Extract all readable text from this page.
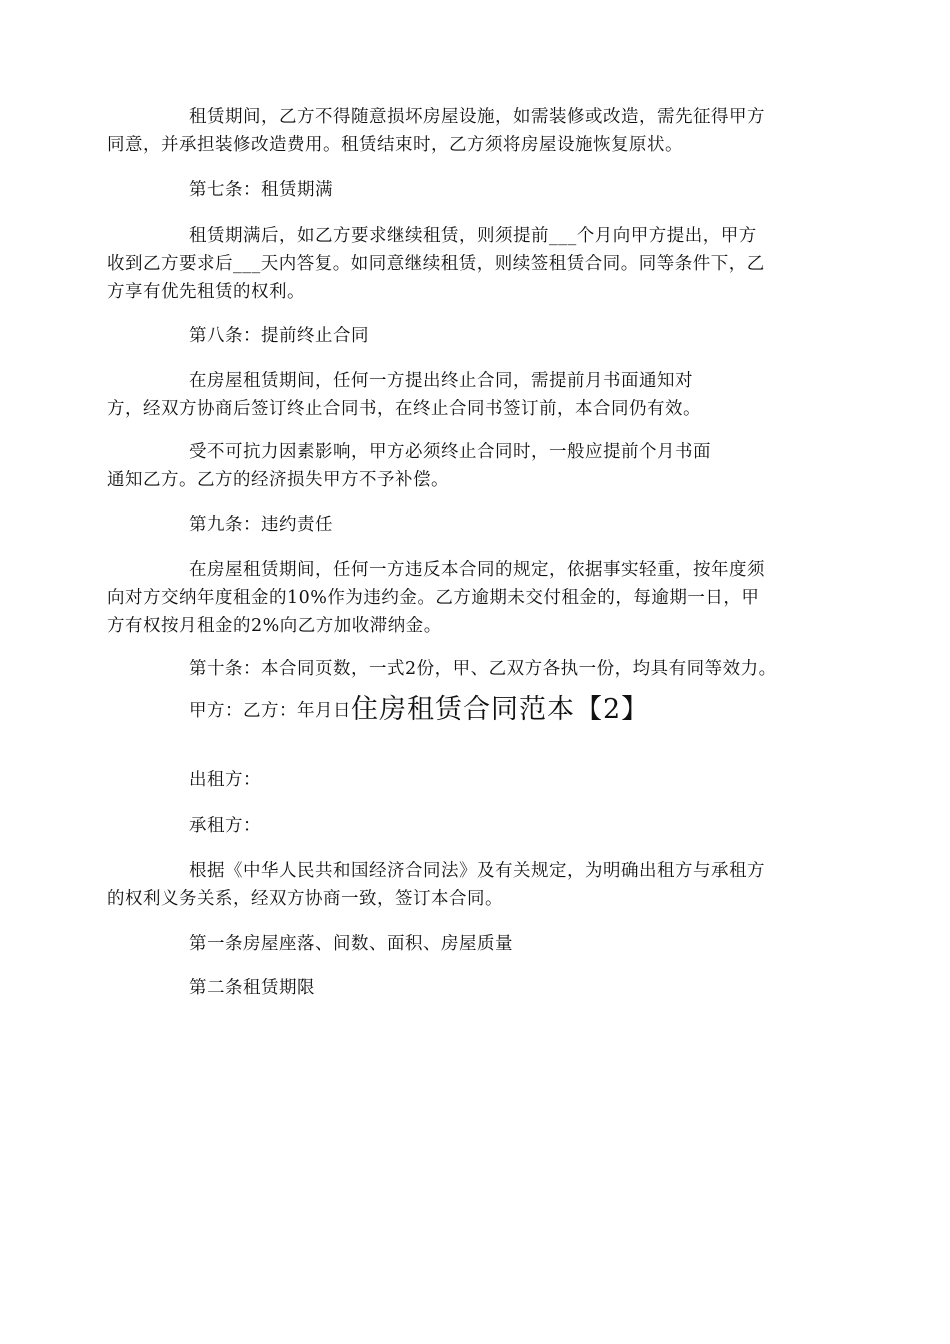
租赁期间，乙方不得随意损坏房屋设施，如需装修或改造，需先征得甲方
同意，并承担装修改造费用。租赁结束时，乙方须将房屋设施恢复原状。
第七条：租赁期满
租赁期满后，如乙方要求继续租赁，则须提前___个月向甲方提出，甲方
收到乙方要求后___天内答复。如同意继续租赁，则续签租赁合同。同等条件下，乙
方享有优先租赁的权利。
第八条：提前终止合同
在房屋租赁期间，任何一方提出终止合同，需提前月书面通知对
方，经双方协商后签订终止合同书，在终止合同书签订前，本合同仍有效。
受不可抗力因素影响，甲方必须终止合同时，一般应提前个月书面
通知乙方。乙方的经济损失甲方不予补偿。
第九条：违约责任
在房屋租赁期间，任何一方违反本合同的规定，依据事实轻重，按年度须
向对方交纳年度租金的10%作为违约金。乙方逾期未交付租金的，每逾期一日，甲
方有权按月租金的2%向乙方加收滞纳金。
第十条：本合同页数，一式2份，甲、乙双方各执一份，均具有同等效力。
甲方：乙方：年月日住房租赁合同范本【2】
出租方：
承租方：
根据《中华人民共和国经济合同法》及有关规定，为明确出租方与承租方
的权利义务关系，经双方协商一致，签订本合同。
第一条房屋座落、间数、面积、房屋质量
第二条租赁期限
